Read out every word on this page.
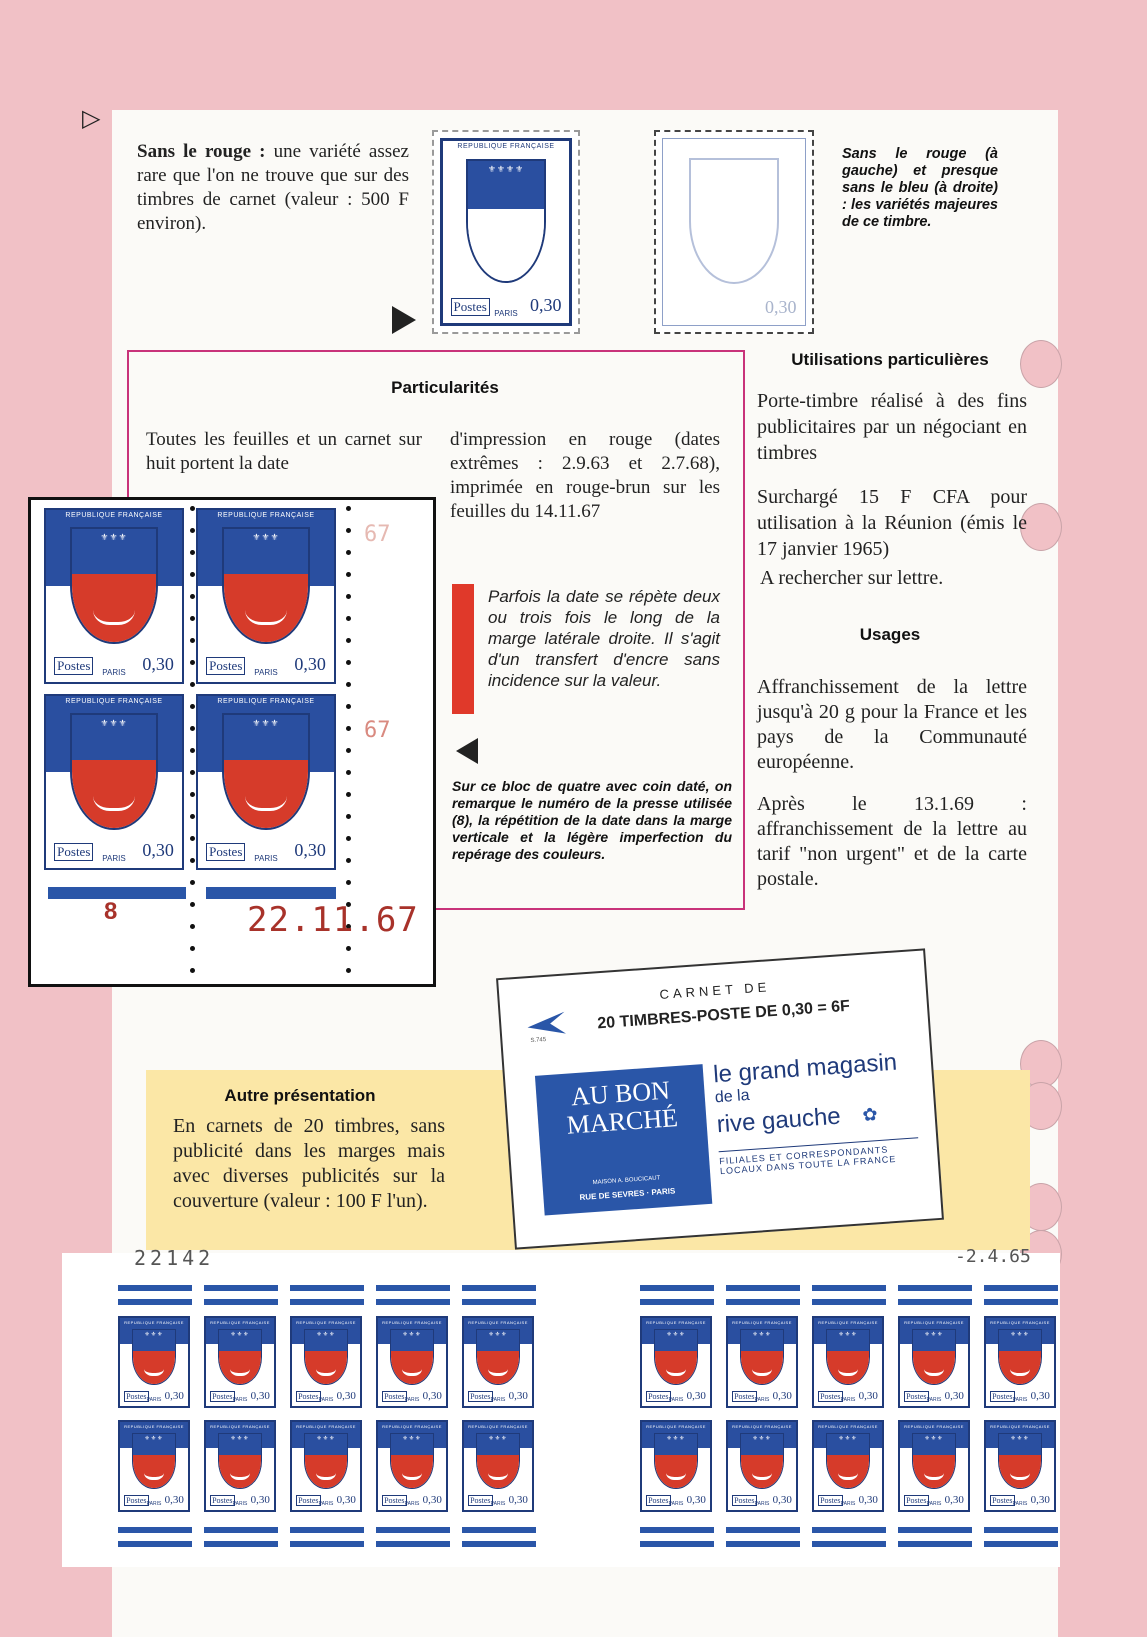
▷
Sans le rouge : une variété assez rare que l'on ne trouve que sur des timbres de carnet (valeur : 500 F environ).
REPUBLIQUE FRANÇAISE
⚜⚜⚜⚜
Postes PARIS 0,30	0,30
Sans le rouge (à gauche) et presque sans le bleu (à droite) : les variétés majeures de ce timbre.
Particularités
Toutes les feuilles et un carnet sur huit portent la date
d'impression en rouge (dates extrêmes : 2.9.63 et 2.7.68), imprimée en rouge-brun sur les feuilles du 14.11.67
Parfois la date se répète deux ou trois fois le long de la marge latérale droite. Il s'agit d'un transfert d'encre sans incidence sur la valeur.
Sur ce bloc de quatre avec coin daté, on remarque le numéro de la presse utilisée (8), la répétition de la date dans la marge verticale et la légère imperfection du repérage des couleurs.
REPUBLIQUE FRANÇAISE
⚜⚜⚜
Postes	PARIS 0,30
REPUBLIQUE FRANÇAISE
⚜⚜⚜
Postes	PARIS 0,30
REPUBLIQUE FRANÇAISE
⚜⚜⚜
Postes	PARIS 0,30
REPUBLIQUE FRANÇAISE
⚜⚜⚜
Postes	PARIS 0,30
8	22.11.67
67
67
Utilisations particulières
Porte-timbre réalisé à des fins publicitaires par un négociant en timbres
Surchargé 15 F CFA pour utilisation à la Réunion (émis le 17 janvier 1965)
A rechercher sur lettre.
Usages
Affranchissement de la lettre jusqu'à 20 g pour la France et les pays de la Communauté européenne.
Après le 13.1.69 : affranchissement de la lettre au tarif "non urgent" et de la carte postale.
Autre présentation
En carnets de 20 timbres, sans publicité dans les marges mais avec diverses publicités sur la couverture (valeur : 100 F l'un).
CARNET DE
S.745
20 TIMBRES-POSTE DE 0,30 = 6F
AU BON MARCHÉ
MAISON A. BOUCICAUT
RUE DE SEVRES · PARIS
le grand magasin
de la
rive gauche ✿
FILIALES ET CORRESPONDANTS LOCAUX DANS TOUTE LA FRANCE
22142	-2.4.65
REPUBLIQUE FRANÇAISE
⚜⚜⚜
Postes PARIS 0,30
REPUBLIQUE FRANÇAISE
⚜⚜⚜
Postes PARIS 0,30
REPUBLIQUE FRANÇAISE
⚜⚜⚜
Postes PARIS 0,30
REPUBLIQUE FRANÇAISE
⚜⚜⚜
Postes PARIS 0,30
REPUBLIQUE FRANÇAISE
⚜⚜⚜
Postes PARIS 0,30
REPUBLIQUE FRANÇAISE
⚜⚜⚜
Postes PARIS 0,30
REPUBLIQUE FRANÇAISE
⚜⚜⚜
Postes PARIS 0,30
REPUBLIQUE FRANÇAISE
⚜⚜⚜
Postes PARIS 0,30
REPUBLIQUE FRANÇAISE
⚜⚜⚜
Postes PARIS 0,30
REPUBLIQUE FRANÇAISE
⚜⚜⚜
Postes PARIS 0,30
REPUBLIQUE FRANÇAISE
⚜⚜⚜
Postes PARIS 0,30
REPUBLIQUE FRANÇAISE
⚜⚜⚜
Postes PARIS 0,30
REPUBLIQUE FRANÇAISE
⚜⚜⚜
Postes PARIS 0,30
REPUBLIQUE FRANÇAISE
⚜⚜⚜
Postes PARIS 0,30
REPUBLIQUE FRANÇAISE
⚜⚜⚜
Postes PARIS 0,30
REPUBLIQUE FRANÇAISE
⚜⚜⚜
Postes PARIS 0,30
REPUBLIQUE FRANÇAISE
⚜⚜⚜
Postes PARIS 0,30
REPUBLIQUE FRANÇAISE
⚜⚜⚜
Postes PARIS 0,30
REPUBLIQUE FRANÇAISE
⚜⚜⚜
Postes PARIS 0,30
REPUBLIQUE FRANÇAISE
⚜⚜⚜
Postes PARIS 0,30
